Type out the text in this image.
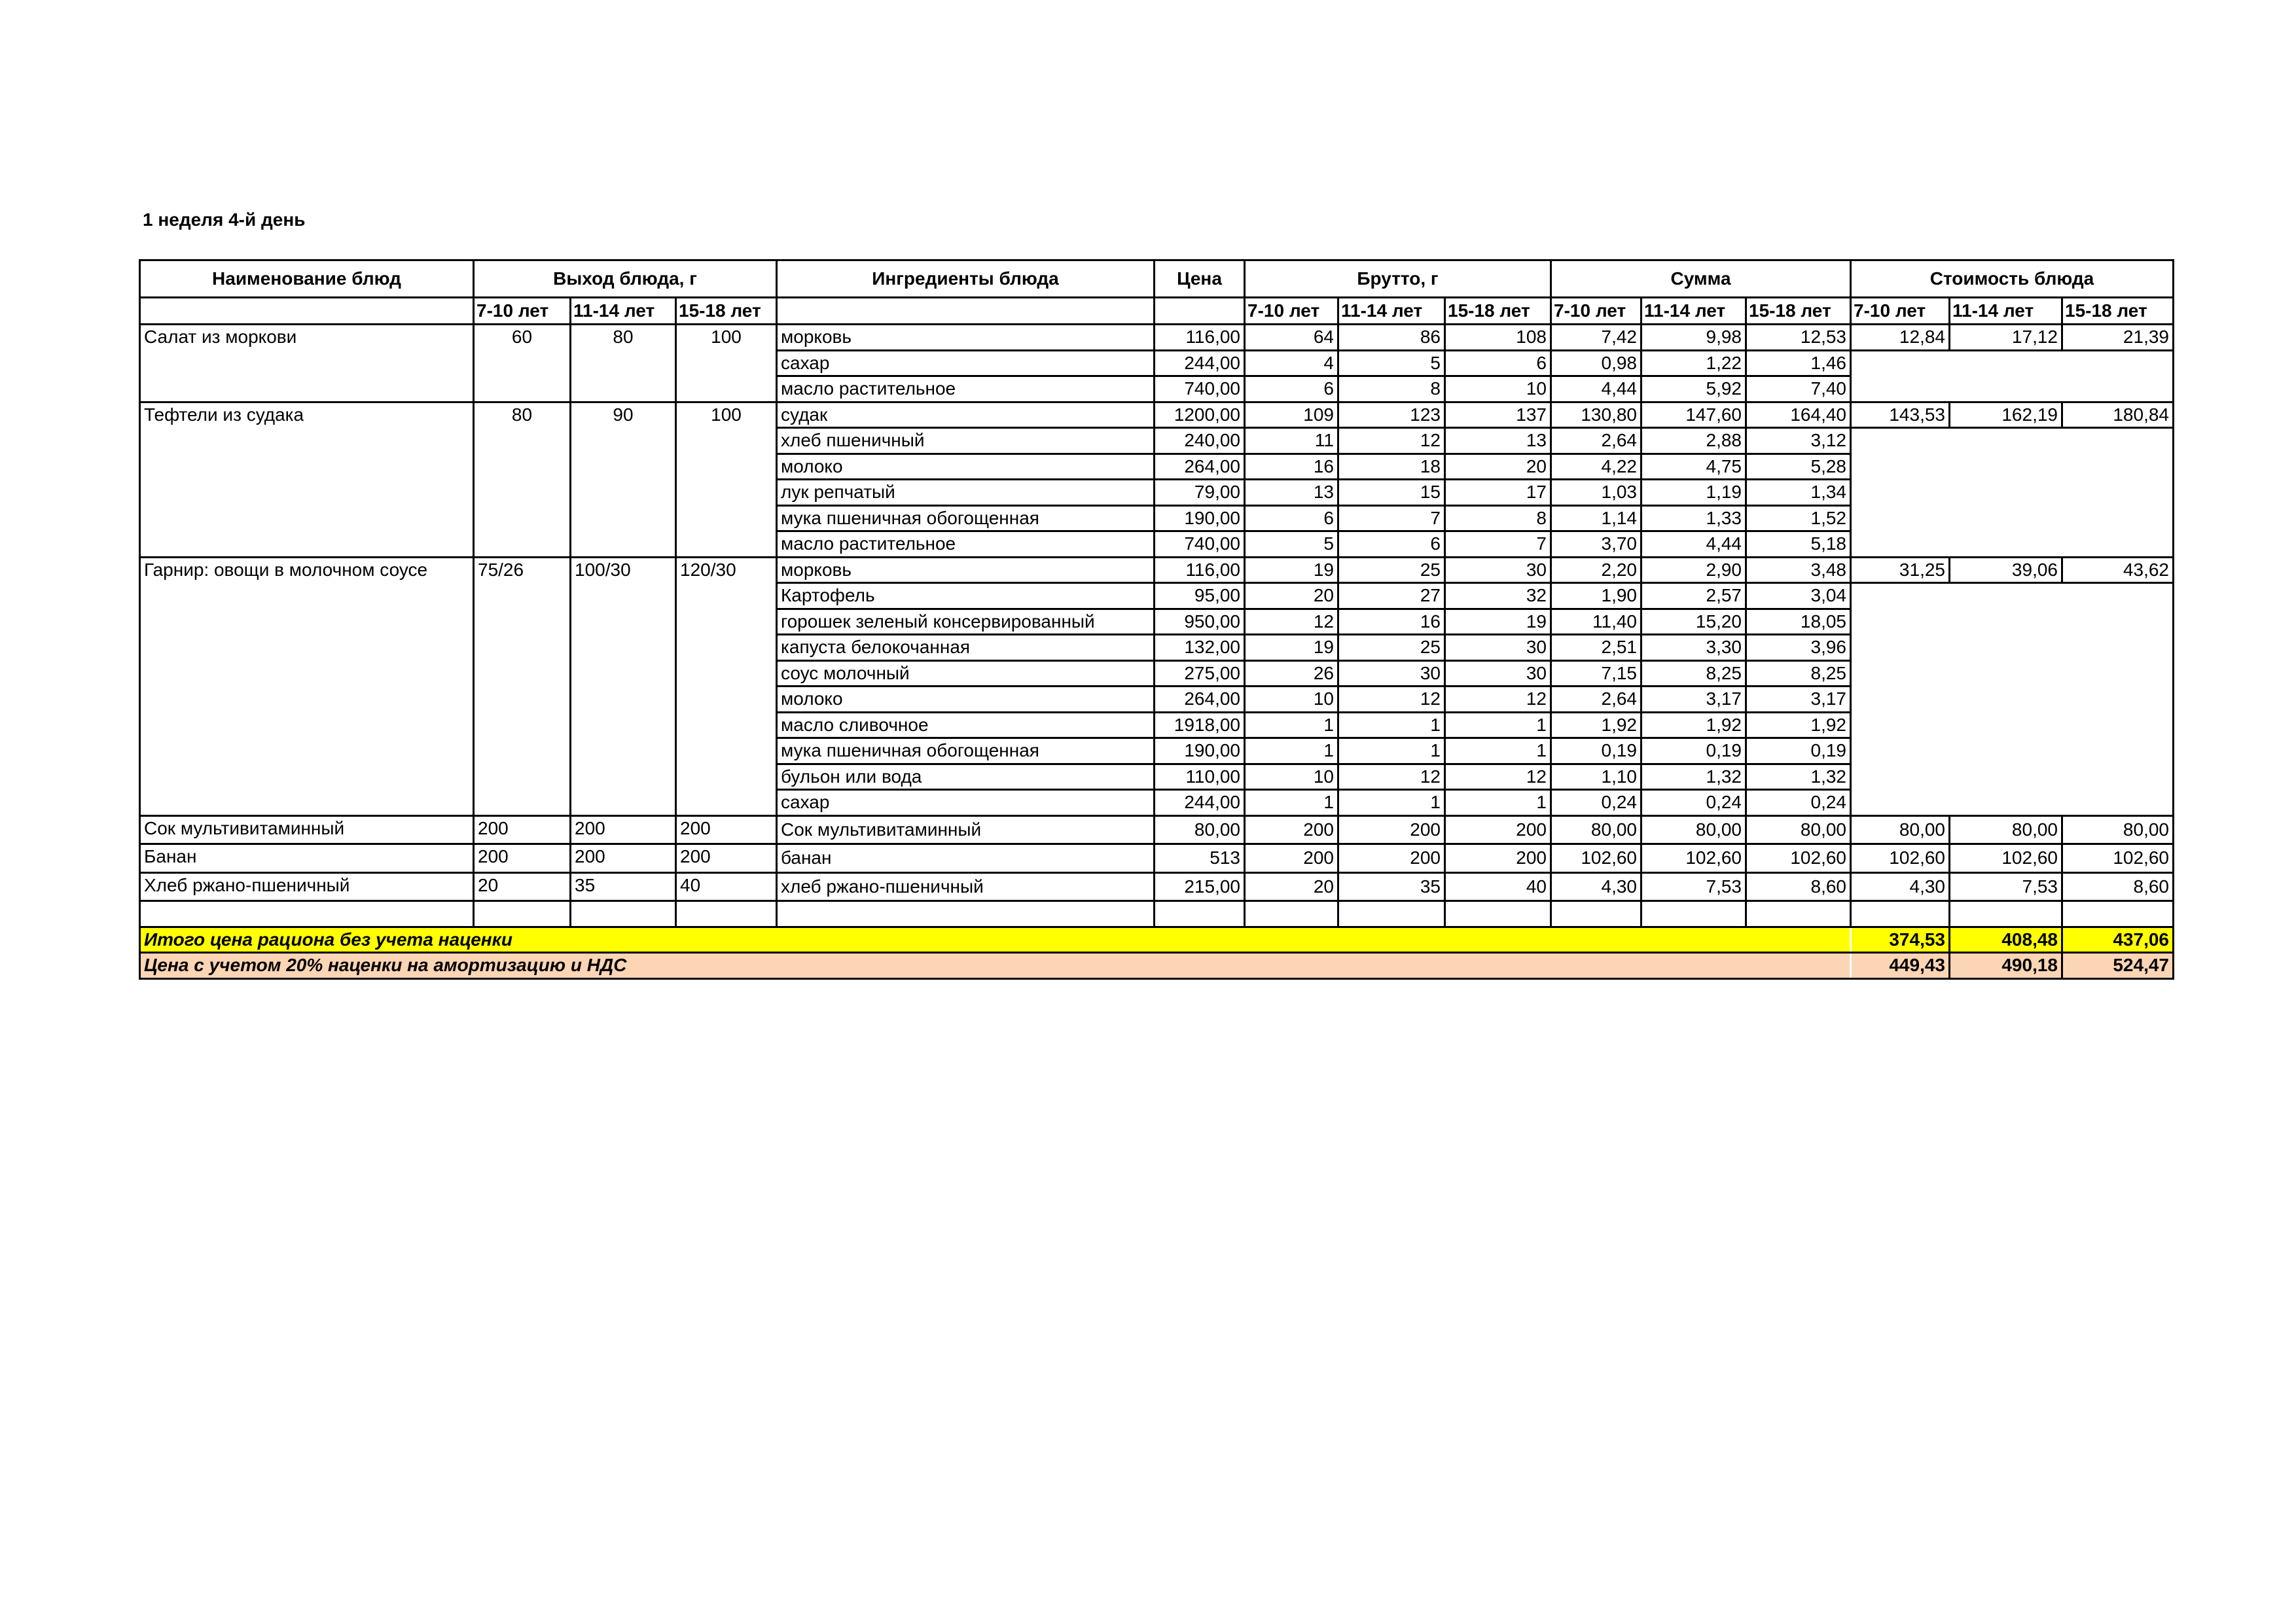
1 неделя 4-й день
Наименование блюд	Выход блюда, г			Ингредиенты блюда	Цена	Брутто, г			Сумма			Стоимость блюда		
	7-10 лет	11-14 лет	15-18 лет			7-10 лет	11-14 лет	15-18 лет	7-10 лет	11-14 лет	15-18 лет	7-10 лет	11-14 лет	15-18 лет
Салат из моркови	60	80	100	морковь	116,00	64	86	108	7,42	9,98	12,53	12,84	17,12	21,39
				сахар	244,00	4	5	6	0,98	1,22	1,46			
				масло растительное	740,00	6	8	10	4,44	5,92	7,40			
Тефтели из судака	80	90	100	судак	1200,00	109	123	137	130,80	147,60	164,40	143,53	162,19	180,84
				хлеб пшеничный	240,00	11	12	13	2,64	2,88	3,12			
				молоко	264,00	16	18	20	4,22	4,75	5,28			
				лук репчатый	79,00	13	15	17	1,03	1,19	1,34			
				мука пшеничная обогощенная	190,00	6	7	8	1,14	1,33	1,52			
				масло растительное	740,00	5	6	7	3,70	4,44	5,18			
Гарнир: овощи в молочном соусе	75/26	100/30	120/30	морковь	116,00	19	25	30	2,20	2,90	3,48	31,25	39,06	43,62
				Картофель	95,00	20	27	32	1,90	2,57	3,04			
				горошек зеленый консервированный	950,00	12	16	19	11,40	15,20	18,05			
				капуста белокочанная	132,00	19	25	30	2,51	3,30	3,96			
				соус молочный	275,00	26	30	30	7,15	8,25	8,25			
				молоко	264,00	10	12	12	2,64	3,17	3,17			
				масло сливочное	1918,00	1	1	1	1,92	1,92	1,92			
				мука пшеничная обогощенная	190,00	1	1	1	0,19	0,19	0,19			
				бульон или вода	110,00	10	12	12	1,10	1,32	1,32			
				сахар	244,00	1	1	1	0,24	0,24	0,24			
Сок мультивитаминный	200	200	200	Сок мультивитаминный	80,00	200	200	200	80,00	80,00	80,00	80,00	80,00	80,00
Банан	200	200	200	банан	513	200	200	200	102,60	102,60	102,60	102,60	102,60	102,60
Хлеб ржано-пшеничный	20	35	40	хлеб ржано-пшеничный	215,00	20	35	40	4,30	7,53	8,60	4,30	7,53	8,60

Итого цена рациона без учета наценки												374,53	408,48	437,06
Цена с учетом 20% наценки на амортизацию и НДС												449,43	490,18	524,47
